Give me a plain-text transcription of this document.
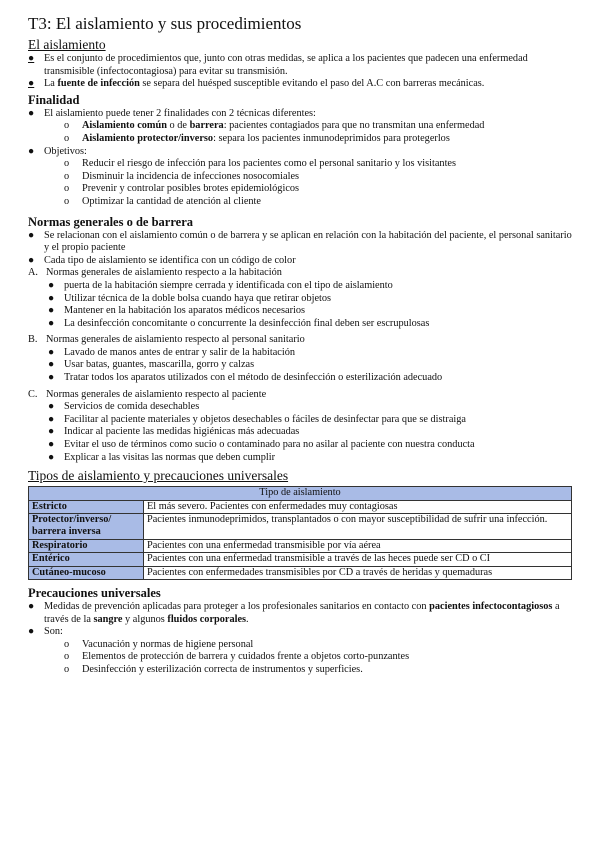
T3: El aislamiento y sus procedimientos
El aislamiento
● Es el conjunto de procedimientos que, junto con otras medidas, se aplica a los pacientes que padecen una enfermedad transmisible (infectocontagiosa) para evitar su transmisión.
● La fuente de infección se separa del huésped susceptible evitando el paso del A.C con barreras mecánicas.
Finalidad
● El aislamiento puede tener 2 finalidades con 2 técnicas diferentes:
o	Aislamiento común o de barrera: pacientes contagiados para que no transmitan una enfermedad
o	Aislamiento protector/inverso: separa los pacientes inmunodeprimidos para protegerlos
● Objetivos:
o	Reducir el riesgo de infección para los pacientes como el personal sanitario y los visitantes
o	Disminuir la incidencia de infecciones nosocomiales
o	Prevenir y controlar posibles brotes epidemiológicos
o	Optimizar la cantidad de atención al cliente
Normas generales o de barrera
● Se relacionan con el aislamiento común o de barrera y se aplican en relación con la habitación del paciente, el personal sanitario y el propio paciente
● Cada tipo de aislamiento se identifica con un código de color
A. Normas generales de aislamiento respecto a la habitación
● puerta de la habitación siempre cerrada y identificada con el tipo de aislamiento
● Utilizar técnica de la doble bolsa cuando haya que retirar objetos
● Mantener en la habitación los aparatos médicos necesarios
● La desinfección concomitante o concurrente la desinfección final deben ser escrupulosas
B. Normas generales de aislamiento respecto al personal sanitario
● Lavado de manos antes de entrar y salir de la habitación
● Usar batas, guantes, mascarilla, gorro y calzas
● Tratar todos los aparatos utilizados con el método de desinfección o esterilización adecuado
C. Normas generales de aislamiento respecto al paciente
● Servicios de comida desechables
● Facilitar al paciente materiales y objetos desechables o fáciles de desinfectar para que se distraiga
● Indicar al paciente las medidas higiénicas más adecuadas
● Evitar el uso de términos como sucio o contaminado para no asilar al paciente con nuestra conducta
● Explicar a las visitas las normas que deben cumplir
Tipos de aislamiento y precauciones universales
Tipo de aislamiento	
Estricto	El más severo. Pacientes con enfermedades muy contagiosas
Protector/inverso/ barrera inversa	Pacientes inmunodeprimidos, transplantados o con mayor susceptibilidad de sufrir una infección.
Respiratorio	Pacientes con una enfermedad transmisible por vía aérea
Entérico	Pacientes con una enfermedad transmisible a través de las heces puede ser CD o CI
Cutáneo-mucoso	Pacientes con enfermedades transmisibles por CD a través de heridas y quemaduras
Precauciones universales
● Medidas de prevención aplicadas para proteger a los profesionales sanitarios en contacto con pacientes infectocontagiosos a través de la sangre y algunos fluidos corporales.
● Son:
o	Vacunación y normas de higiene personal
o	Elementos de protección de barrera y cuidados frente a objetos corto-punzantes
o	Desinfección y esterilización correcta de instrumentos y superficies.
